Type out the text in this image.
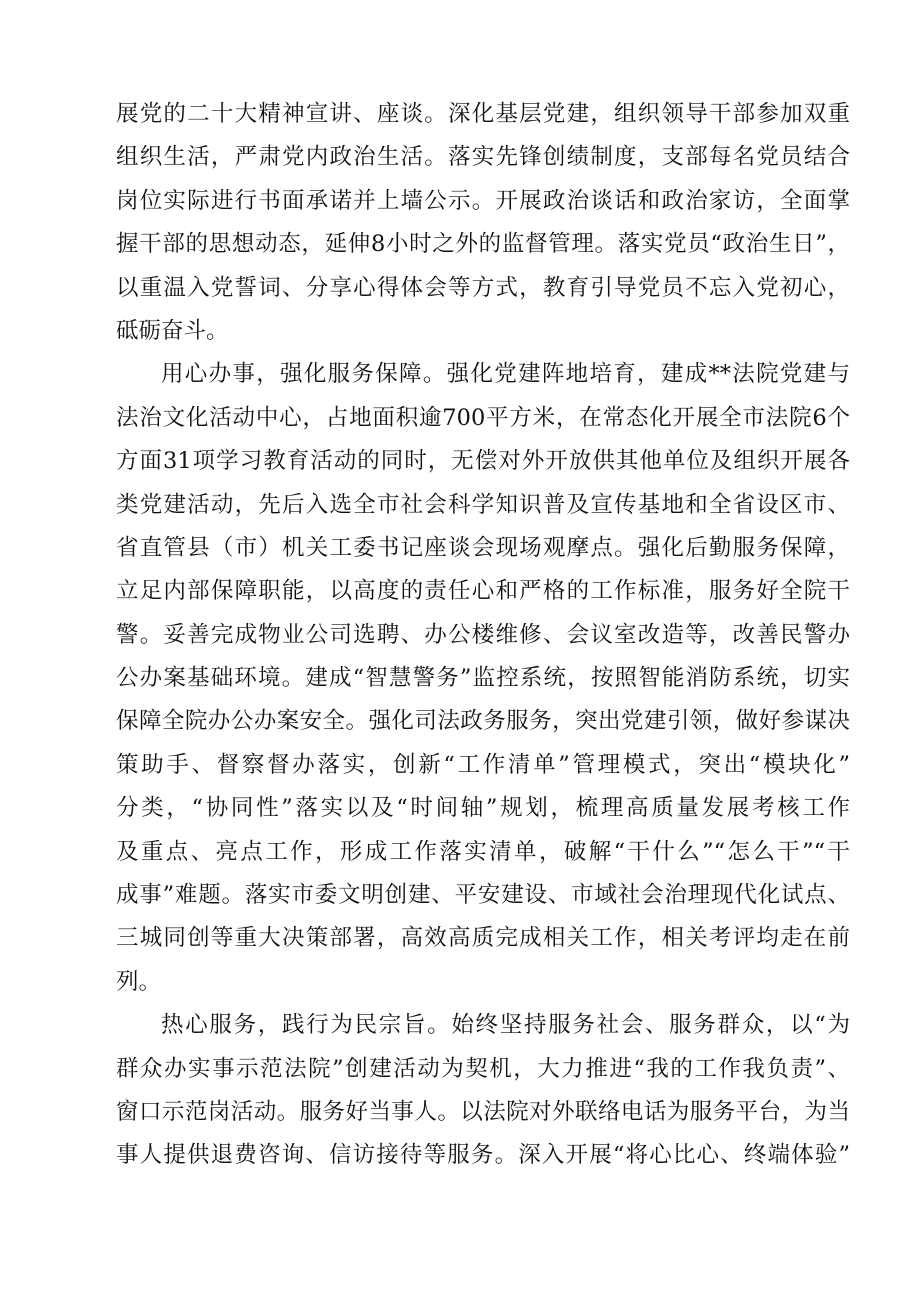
展党的二十大精神宣讲、座谈。深化基层党建，组织领导干部参加双重
组织生活，严肃党内政治生活。落实先锋创绩制度，支部每名党员结合
岗位实际进行书面承诺并上墙公示。开展政治谈话和政治家访，全面掌
握干部的思想动态，延伸8小时之外的监督管理。落实党员“政治生日”，
以重温入党誓词、分享心得体会等方式，教育引导党员不忘入党初心，
砥砺奋斗。
用心办事，强化服务保障。强化党建阵地培育，建成**法院党建与
法治文化活动中心，占地面积逾700平方米，在常态化开展全市法院6个
方面31项学习教育活动的同时，无偿对外开放供其他单位及组织开展各
类党建活动，先后入选全市社会科学知识普及宣传基地和全省设区市、
省直管县（市）机关工委书记座谈会现场观摩点。强化后勤服务保障，
立足内部保障职能，以高度的责任心和严格的工作标准，服务好全院干
警。妥善完成物业公司选聘、办公楼维修、会议室改造等，改善民警办
公办案基础环境。建成“智慧警务”监控系统，按照智能消防系统，切实
保障全院办公办案安全。强化司法政务服务，突出党建引领，做好参谋决
策助手、督察督办落实，创新“工作清单”管理模式，突出“模块化”
分类，“协同性”落实以及“时间轴”规划，梳理高质量发展考核工作
及重点、亮点工作，形成工作落实清单，破解“干什么”“怎么干”“干
成事”难题。落实市委文明创建、平安建设、市域社会治理现代化试点、
三城同创等重大决策部署，高效高质完成相关工作，相关考评均走在前
列。
热心服务，践行为民宗旨。始终坚持服务社会、服务群众，以“为
群众办实事示范法院”创建活动为契机，大力推进“我的工作我负责”、
窗口示范岗活动。服务好当事人。以法院对外联络电话为服务平台，为当
事人提供退费咨询、信访接待等服务。深入开展“将心比心、终端体验”
